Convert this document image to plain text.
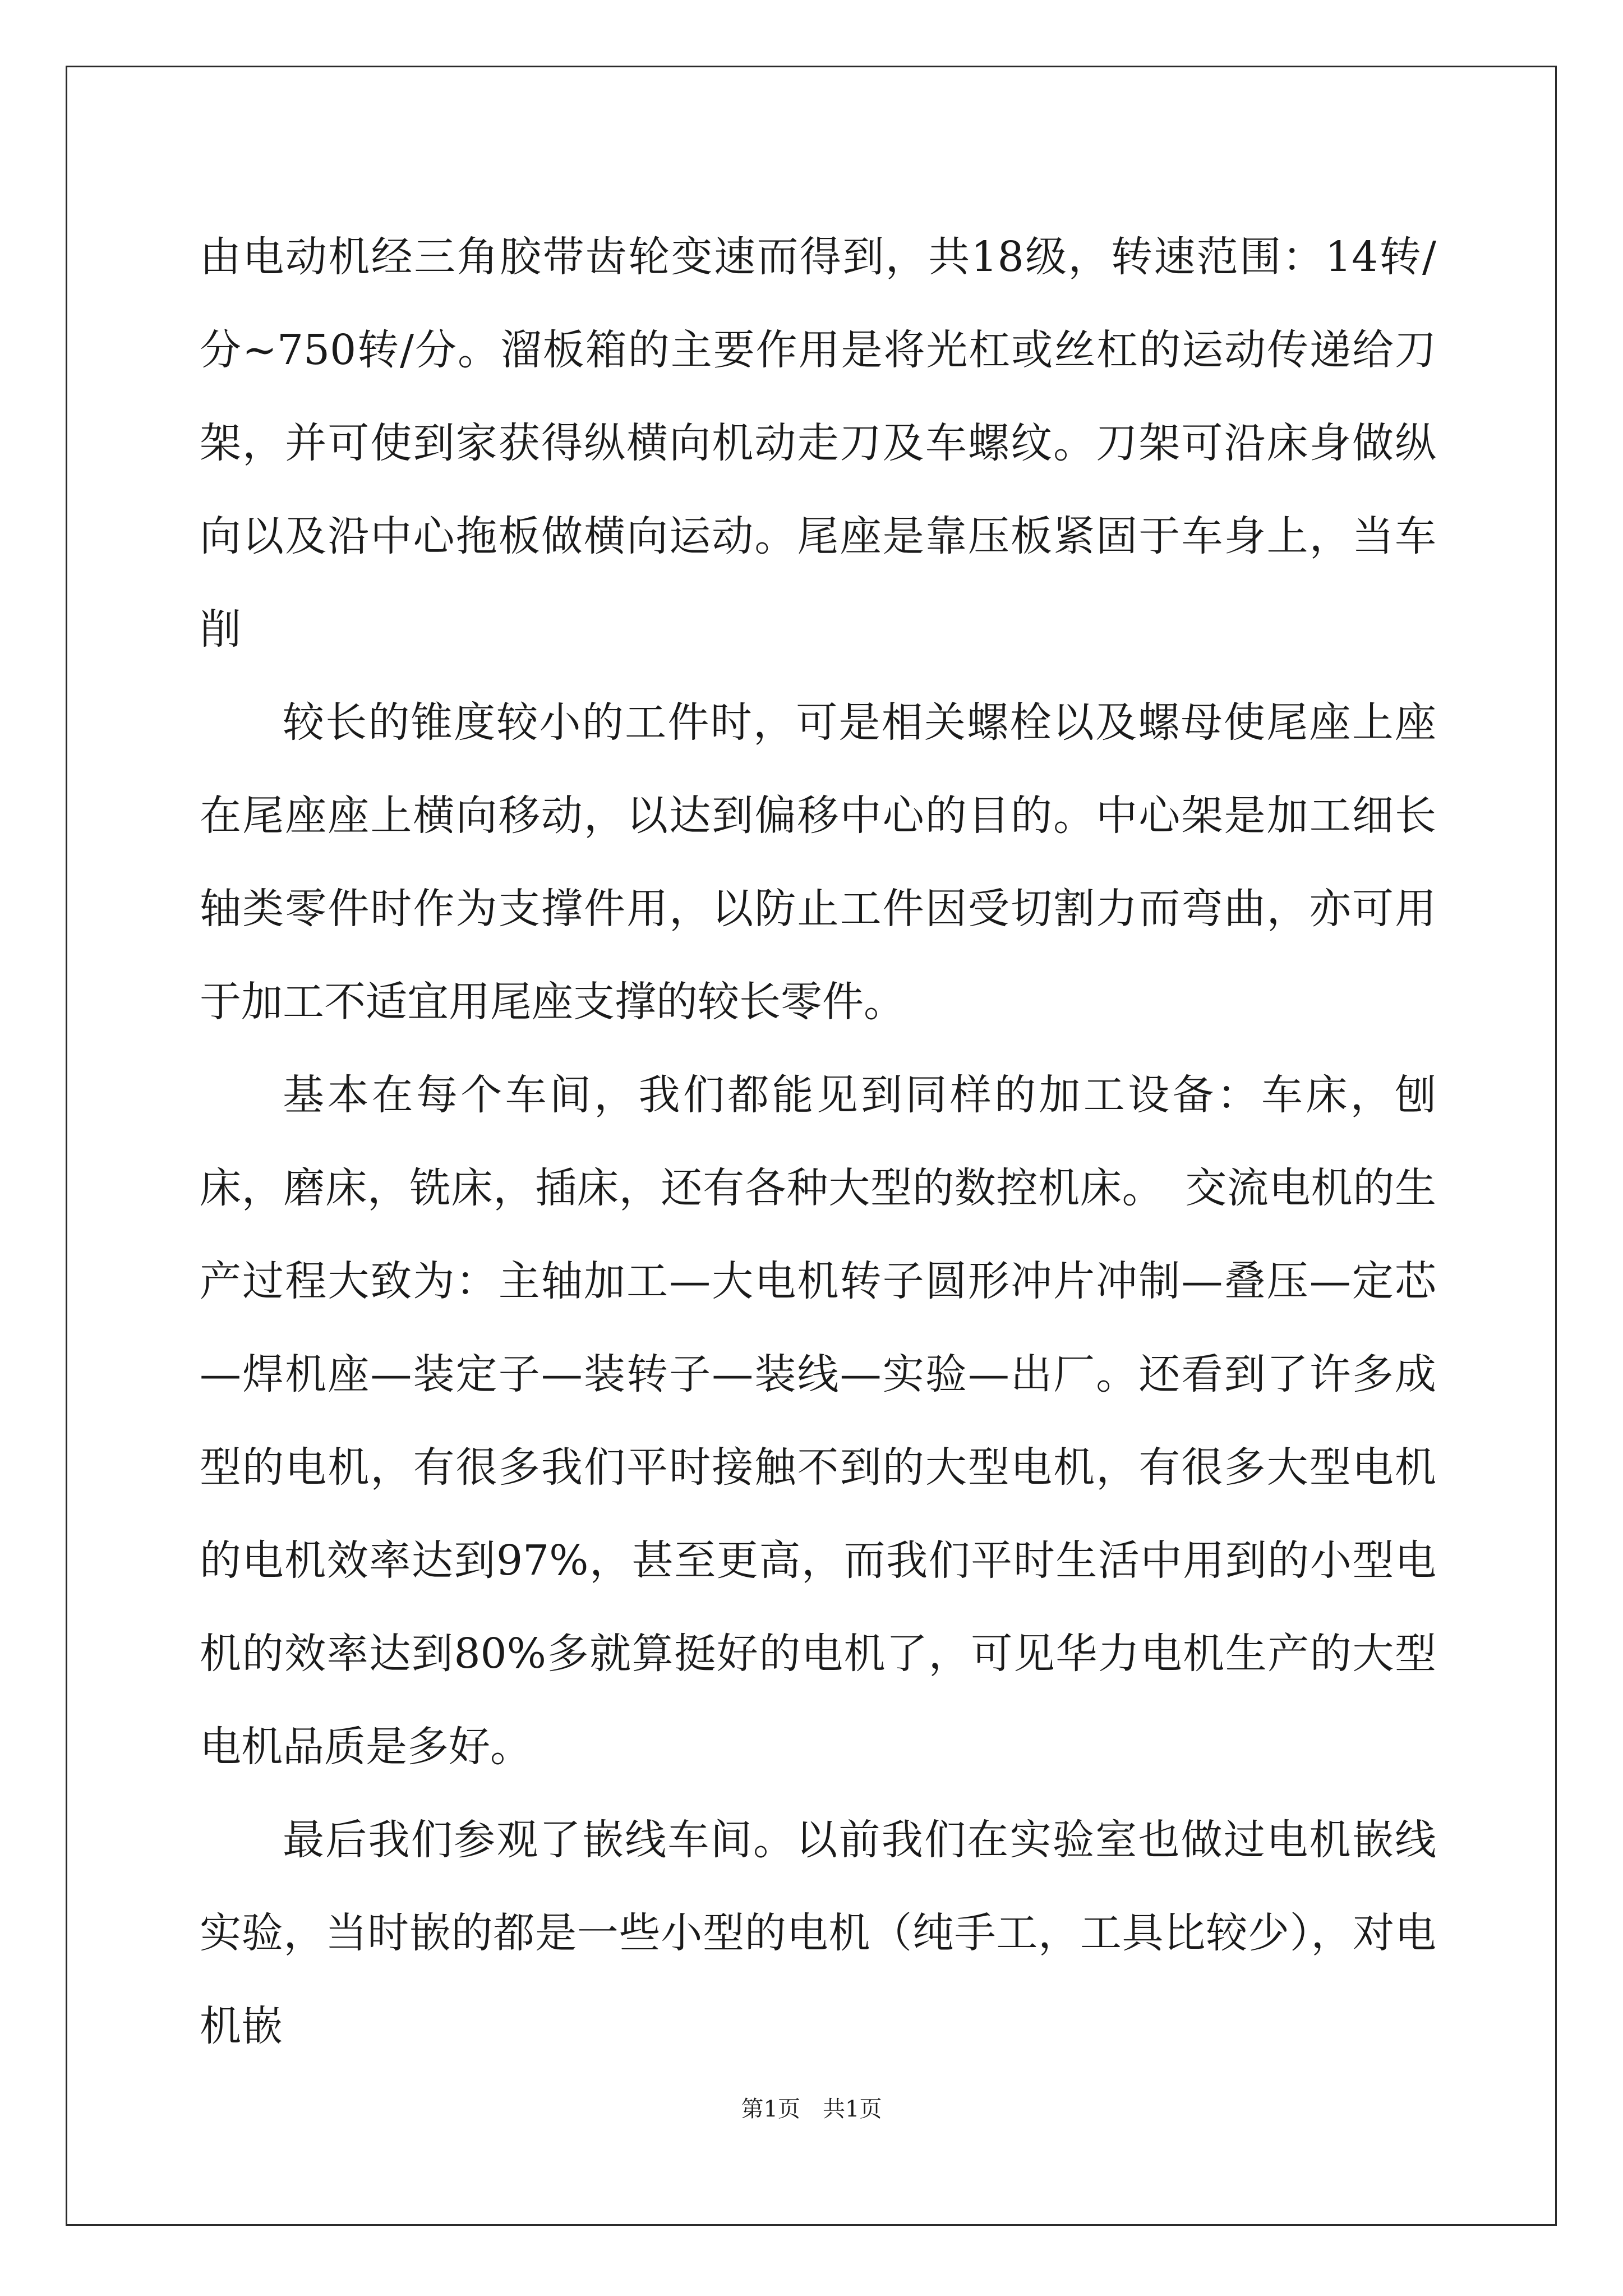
由电动机经三角胶带齿轮变速而得到，共18级，转速范围：14转/分~750转/分。溜板箱的主要作用是将光杠或丝杠的运动传递给刀架，并可使到家获得纵横向机动走刀及车螺纹。刀架可沿床身做纵向以及沿中心拖板做横向运动。尾座是靠压板紧固于车身上，当车削

较长的锥度较小的工件时，可是相关螺栓以及螺母使尾座上座在尾座座上横向移动，以达到偏移中心的目的。中心架是加工细长轴类零件时作为支撑件用，以防止工件因受切割力而弯曲，亦可用于加工不适宜用尾座支撑的较长零件。

基本在每个车间，我们都能见到同样的加工设备：车床，刨床，磨床，铣床，插床，还有各种大型的数控机床。　交流电机的生产过程大致为：主轴加工—大电机转子圆形冲片冲制—叠压—定芯—焊机座—装定子—装转子—装线—实验—出厂。还看到了许多成型的电机，有很多我们平时接触不到的大型电机，有很多大型电机的电机效率达到97%，甚至更高，而我们平时生活中用到的小型电机的效率达到80%多就算挺好的电机了，可见华力电机生产的大型电机品质是多好。

最后我们参观了嵌线车间。以前我们在实验室也做过电机嵌线实验，当时嵌的都是一些小型的电机（纯手工，工具比较少），对电机嵌

第1页　共1页
